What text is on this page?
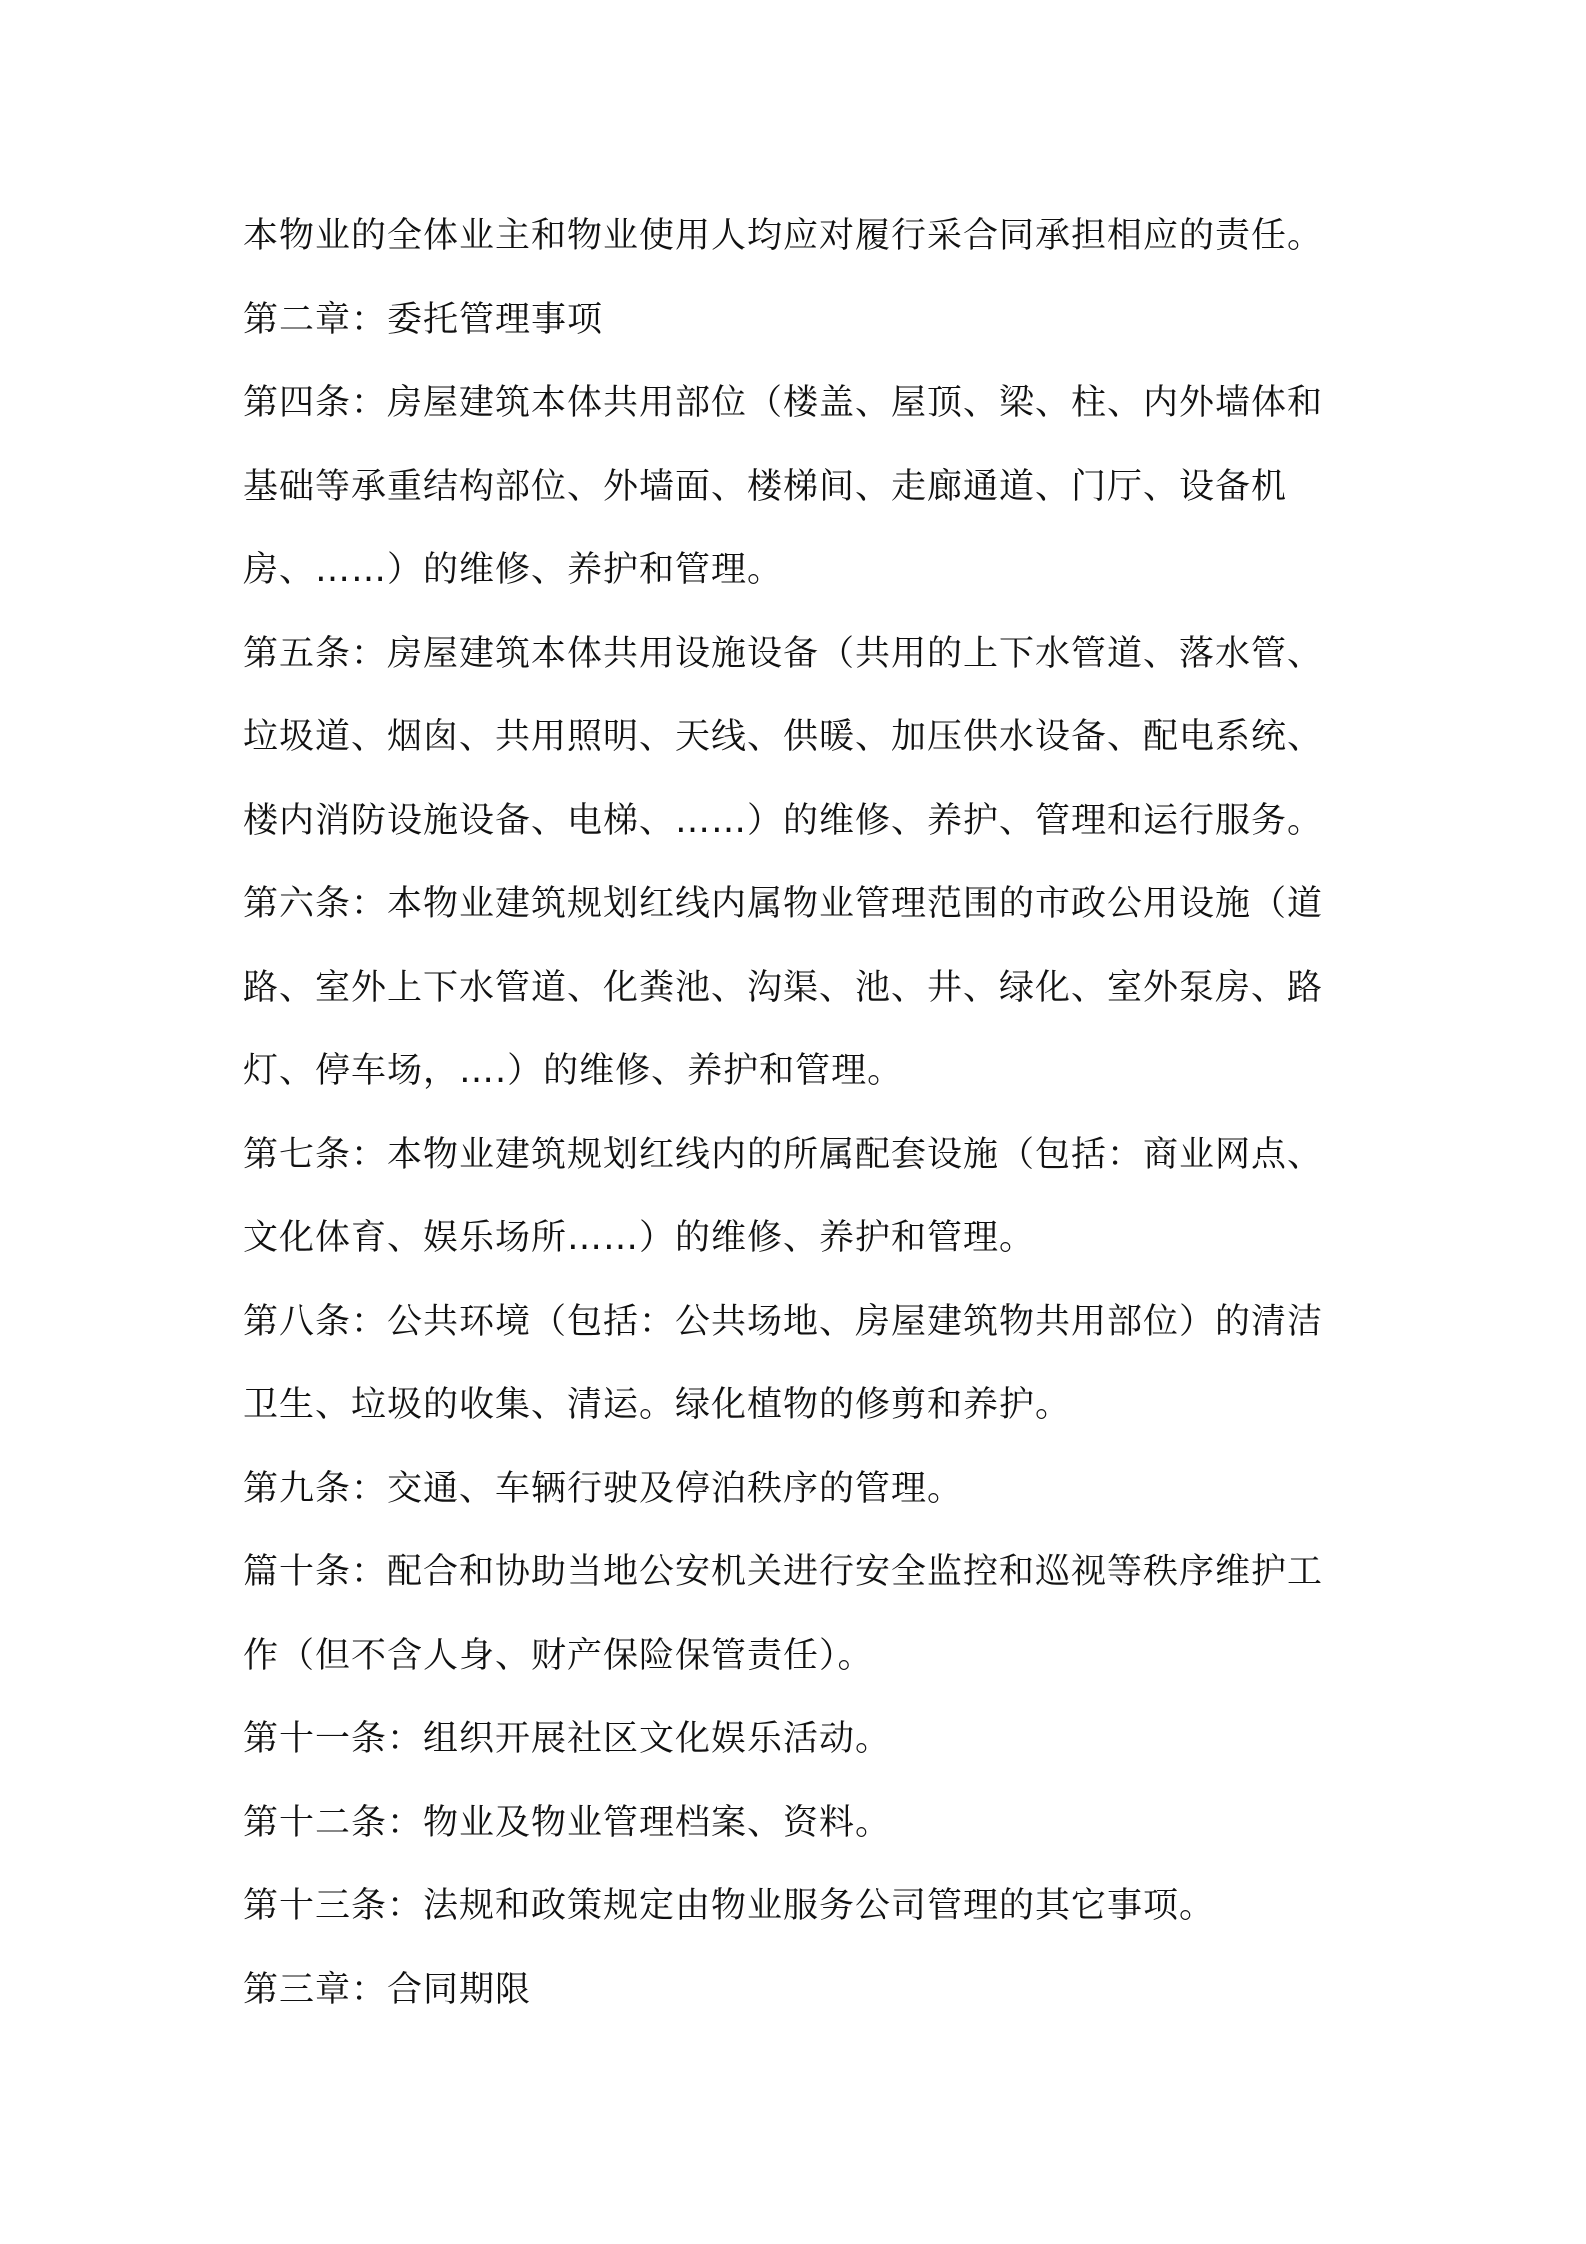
本物业的全体业主和物业使用人均应对履行采合同承担相应的责任。
第二章：委托管理事项
第四条：房屋建筑本体共用部位（楼盖、屋顶、梁、柱、内外墙体和
基础等承重结构部位、外墙面、楼梯间、走廊通道、门厅、设备机
房、……）的维修、养护和管理。
第五条：房屋建筑本体共用设施设备（共用的上下水管道、落水管、
垃圾道、烟囱、共用照明、天线、供暖、加压供水设备、配电系统、
楼内消防设施设备、电梯、……）的维修、养护、管理和运行服务。
第六条：本物业建筑规划红线内属物业管理范围的市政公用设施（道
路、室外上下水管道、化粪池、沟渠、池、井、绿化、室外泵房、路
灯、停车场，….）的维修、养护和管理。
第七条：本物业建筑规划红线内的所属配套设施（包括：商业网点、
文化体育、娱乐场所……）的维修、养护和管理。
第八条：公共环境（包括：公共场地、房屋建筑物共用部位）的清洁
卫生、垃圾的收集、清运。绿化植物的修剪和养护。
第九条：交通、车辆行驶及停泊秩序的管理。
篇十条：配合和协助当地公安机关进行安全监控和巡视等秩序维护工
作（但不含人身、财产保险保管责任）。
第十一条：组织开展社区文化娱乐活动。
第十二条：物业及物业管理档案、资料。
第十三条：法规和政策规定由物业服务公司管理的其它事项。
第三章：合同期限
